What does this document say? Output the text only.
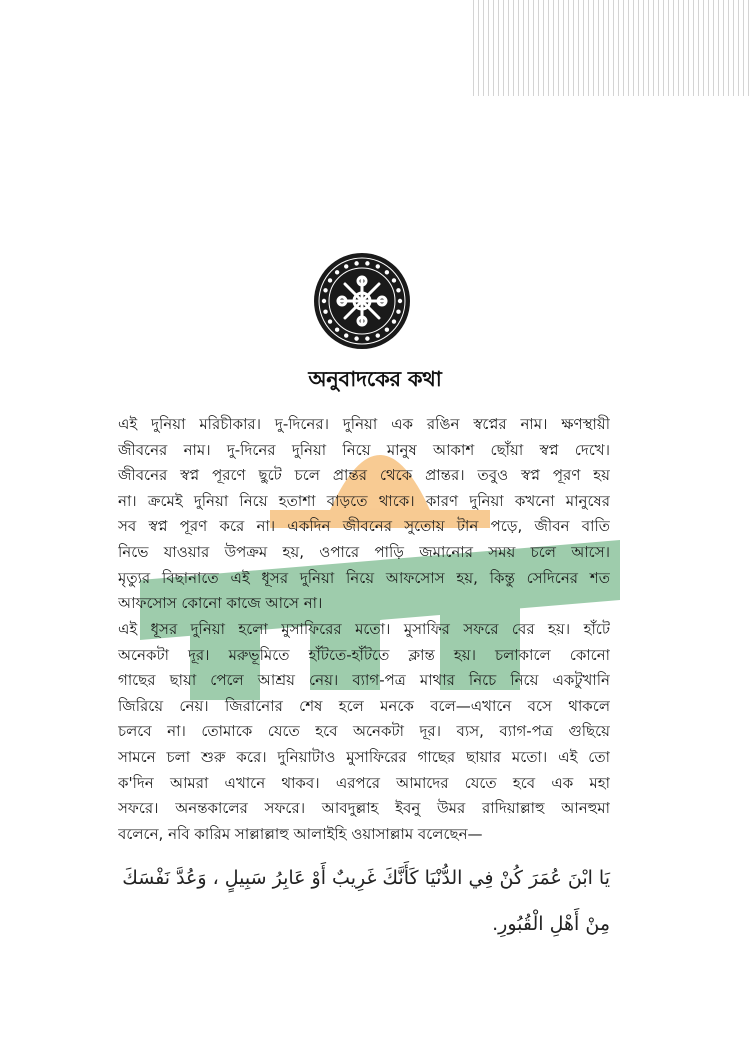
অনুবাদকের কথা
এই দুনিয়া মরিচীকার। দু-দিনের। দুনিয়া এক রঙিন স্বপ্নের নাম। ক্ষণস্থায়ী
জীবনের নাম। দু-দিনের দুনিয়া নিয়ে মানুষ আকাশ ছোঁয়া স্বপ্ন দেখে।
জীবনের স্বপ্ন পূরণে ছুটে চলে প্রান্তর থেকে প্রান্তর। তবুও স্বপ্ন পূরণ হয়
না। ক্রমেই দুনিয়া নিয়ে হতাশা বাড়তে থাকে। কারণ দুনিয়া কখনো মানুষের
সব স্বপ্ন পূরণ করে না। একদিন জীবনের সুতোয় টান পড়ে, জীবন বাতি
নিভে যাওয়ার উপক্রম হয়, ওপারে পাড়ি জমানোর সময় চলে আসে।
মৃত্যুর বিছানাতে এই ধূসর দুনিয়া নিয়ে আফসোস হয়, কিন্তু সেদিনের শত
আফসোস কোনো কাজে আসে না।
এই ধূসর দুনিয়া হলো মুসাফিরের মতো। মুসাফির সফরে বের হয়। হাঁটে
অনেকটা দূর। মরুভূমিতে হাঁটতে-হাঁটতে ক্লান্ত হয়। চলাকালে কোনো
গাছের ছায়া পেলে আশ্রয় নেয়। ব্যাগ-পত্র মাথার নিচে নিয়ে একটুখানি
জিরিয়ে নেয়। জিরানোর শেষ হলে মনকে বলে—এখানে বসে থাকলে
চলবে না। তোমাকে যেতে হবে অনেকটা দূর। ব্যস, ব্যাগ-পত্র গুছিয়ে
সামনে চলা শুরু করে। দুনিয়াটাও মুসাফিরের গাছের ছায়ার মতো। এই তো
ক'দিন আমরা এখানে থাকব। এরপরে আমাদের যেতে হবে এক মহা
সফরে। অনন্তকালের সফরে। আবদুল্লাহ ইবনু উমর রাদিয়াল্লাহু আনহুমা
বলেনে, নবি কারিম সাল্লাল্লাহু আলাইহি ওয়াসাল্লাম বলেছেন—
يَا ابْنَ عُمَرَ كُنْ فِي الدُّنْيَا كَأَنَّكَ غَرِيبٌ أَوْ عَابِرُ سَبِيلٍ ، وَعُدَّ نَفْسَكَ
مِنْ أَهْلِ الْقُبُورِ.
